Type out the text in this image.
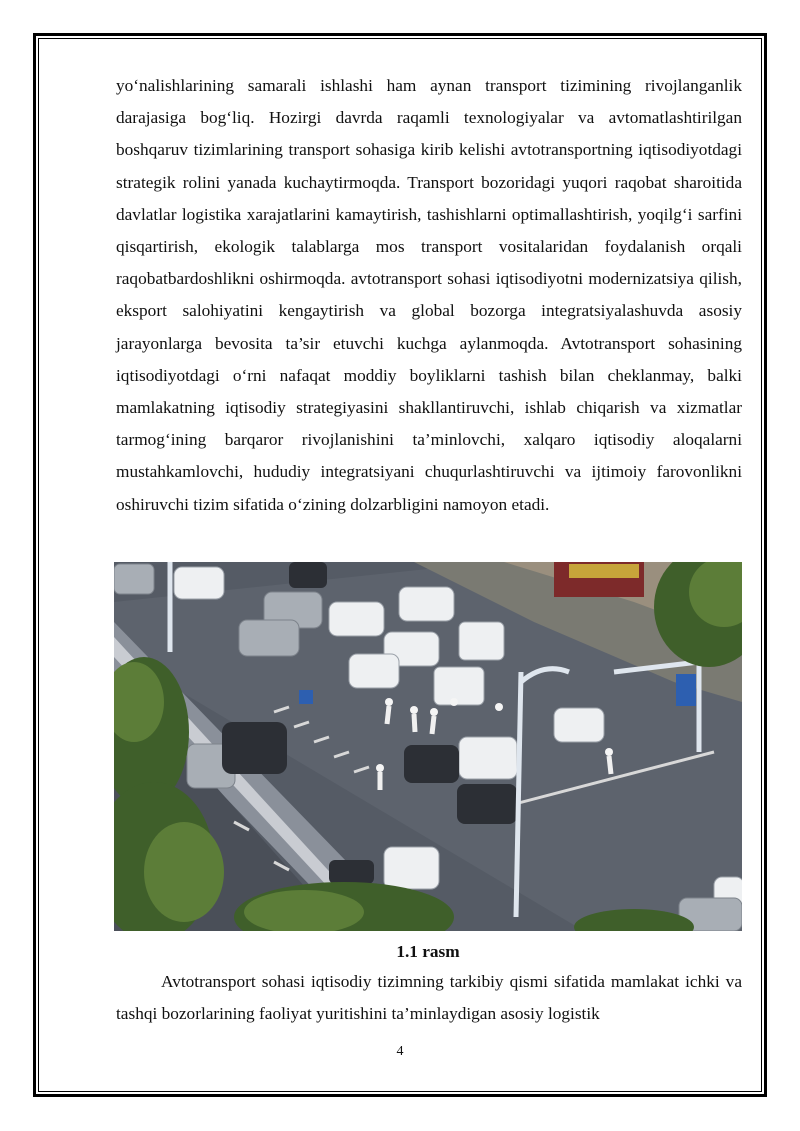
yo‘nalishlarining samarali ishlashi ham aynan transport tizimining rivojlanganlik darajasiga bog‘liq. Hozirgi davrda raqamli texnologiyalar va avtomatlashtirilgan boshqaruv tizimlarining transport sohasiga kirib kelishi avtotransportning iqtisodiyotdagi strategik rolini yanada kuchaytirmoqda. Transport bozoridagi yuqori raqobat sharoitida davlatlar logistika xarajatlarini kamaytirish, tashishlarni optimallashtirish, yoqilg‘i sarfini qisqartirish, ekologik talablarga mos transport vositalaridan foydalanish orqali raqobatbardoshlikni oshirmoqda. avtotransport sohasi iqtisodiyotni modernizatsiya qilish, eksport salohiyatini kengaytirish va global bozorga integratsiyalashuvda asosiy jarayonlarga bevosita ta’sir etuvchi kuchga aylanmoqda. Avtotransport sohasining iqtisodiyotdagi o‘rni nafaqat moddiy boyliklarni tashish bilan cheklanmay, balki mamlakatning iqtisodiy strategiyasini shakllantiruvchi, ishlab chiqarish va xizmatlar tarmog‘ining barqaror rivojlanishini ta’minlovchi, xalqaro iqtisodiy aloqalarni mustahkamlovchi, hududiy integratsiyani chuqurlashtiruvchi va ijtimoiy farovonlikni oshiruvchi tizim sifatida o‘zining dolzarbligini namoyon etadi.

1.1 rasm

Avtotransport sohasi iqtisodiy tizimning tarkibiy qismi sifatida mamlakat ichki va tashqi bozorlarining faoliyat yuritishini ta’minlaydigan asosiy logistik

4
